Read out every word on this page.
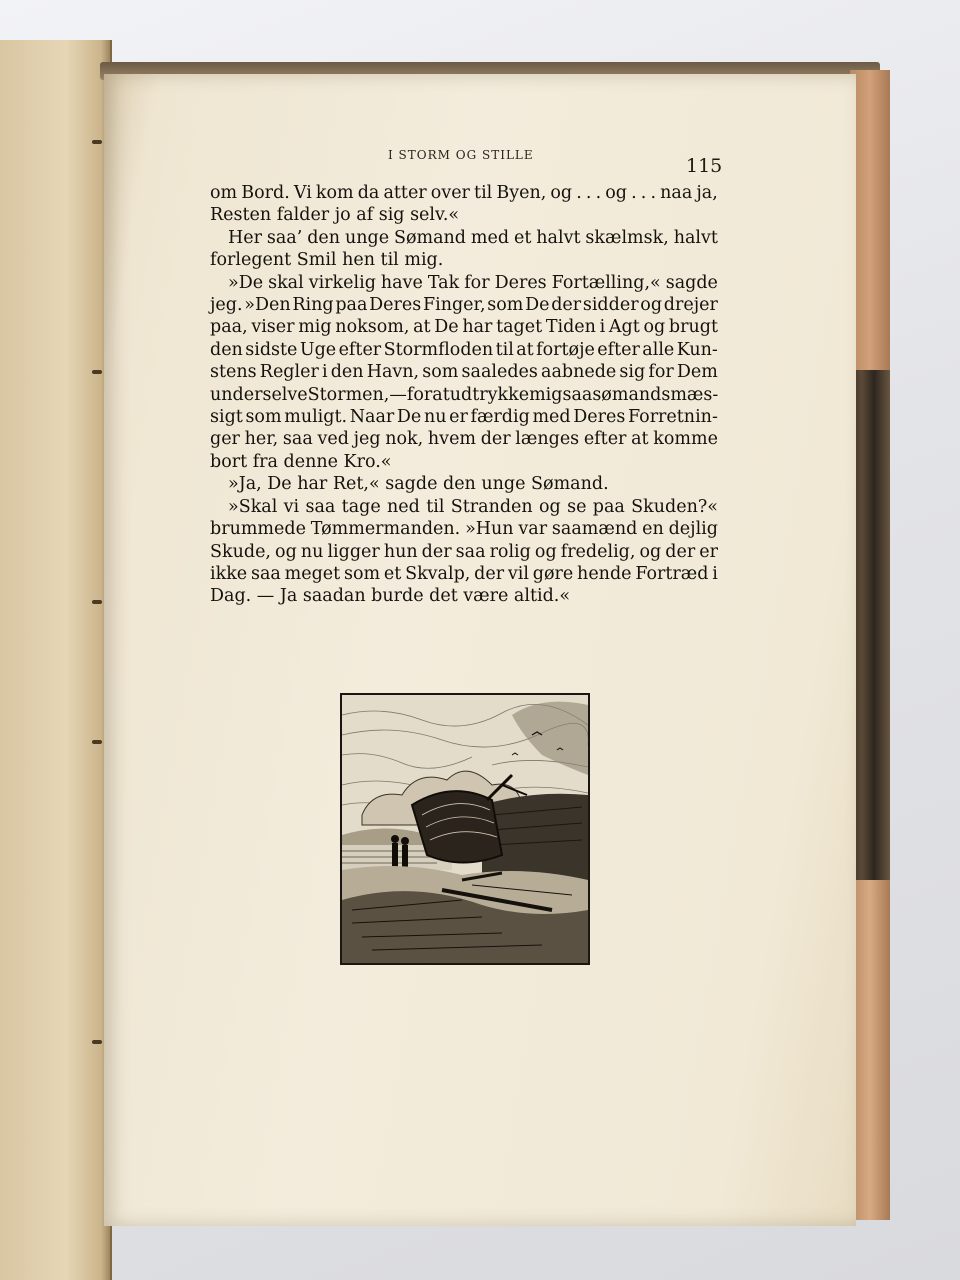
I STORM OG STILLE	115
om Bord. Vi kom da atter over til Byen, og . . . og . . . naa ja,
Resten falder jo af sig selv.«
Her saa’ den unge Sømand med et halvt skælmsk, halvt
forlegent Smil hen til mig.
»De skal virkelig have Tak for Deres Fortælling,« sagde
jeg. »Den Ring paa Deres Finger, som De der sidder og drejer
paa, viser mig noksom, at De har taget Tiden i Agt og brugt
den sidste Uge efter Stormfloden til at fortøje efter alle Kun-
stens Regler i den Havn, som saaledes aabnede sig for Dem
under selve Stormen, — for at udtrykke mig saa sømandsmæs-
sigt som muligt. Naar De nu er færdig med Deres Forretnin-
ger her, saa ved jeg nok, hvem der længes efter at komme
bort fra denne Kro.«
»Ja, De har Ret,« sagde den unge Sømand.
»Skal vi saa tage ned til Stranden og se paa Skuden?«
brummede Tømmermanden. »Hun var saamænd en dejlig
Skude, og nu ligger hun der saa rolig og fredelig, og der er
ikke saa meget som et Skvalp, der vil gøre hende Fortræd i
Dag. — Ja saadan burde det være altid.«
